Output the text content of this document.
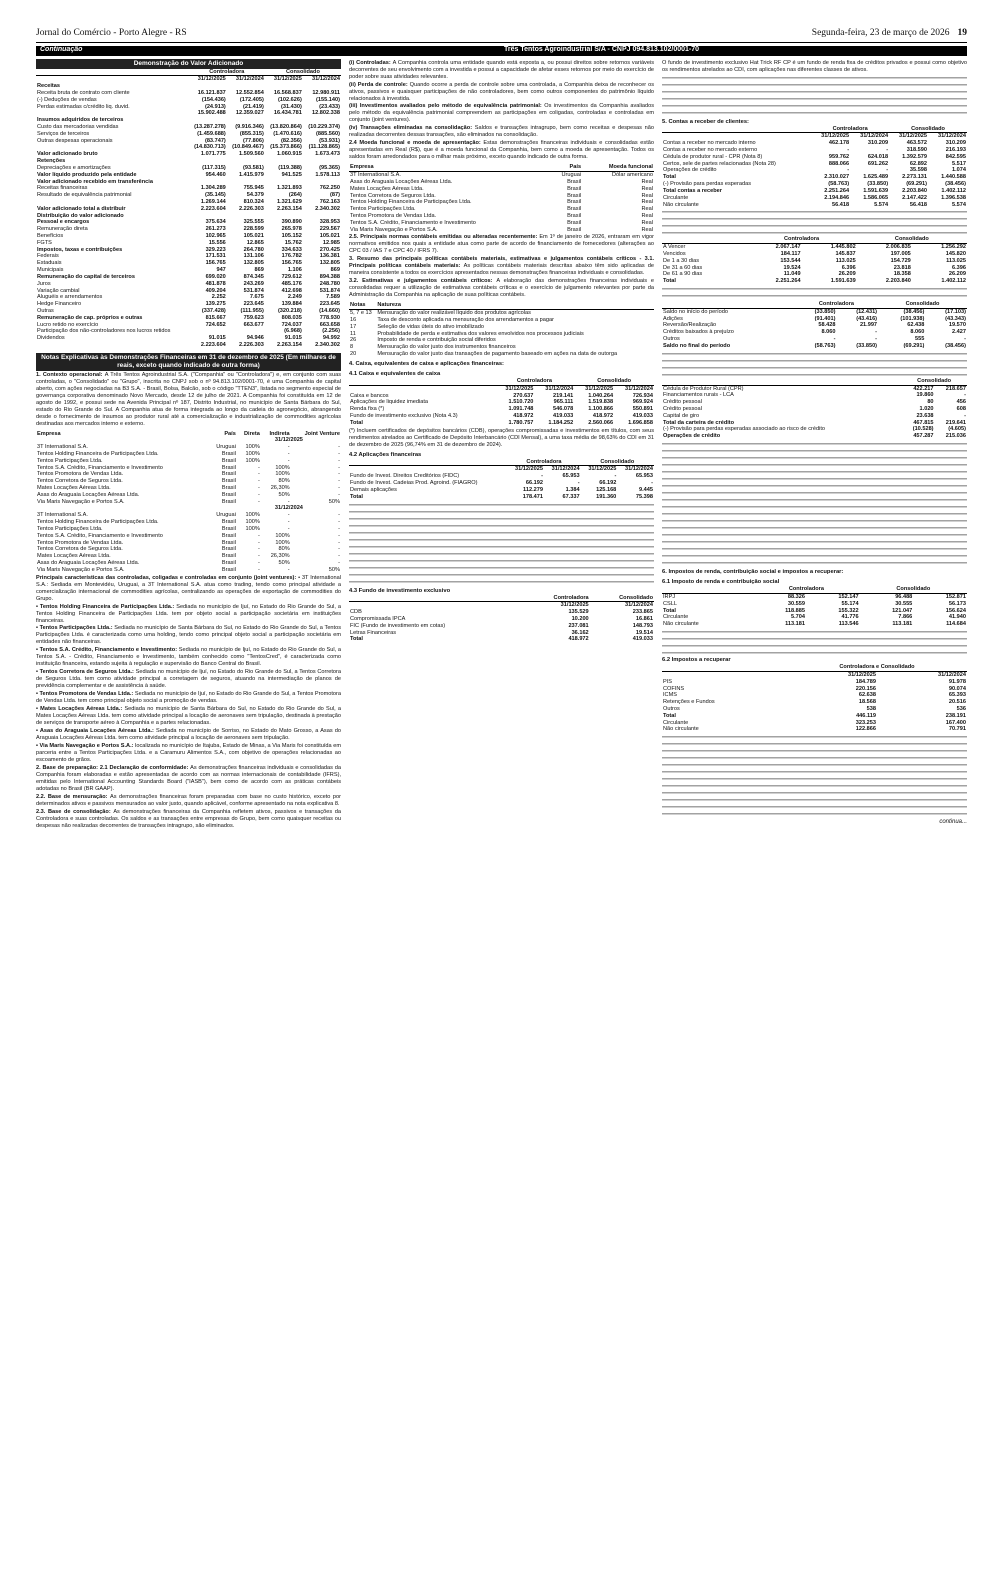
Jornal do Comércio - Porto Alegre - RS	Segunda-feira, 23 de março de 2026 19
Continuação	Três Tentos Agroindustrial S/A - CNPJ 094.813.102/0001-70
Demonstração do Valor Adicionado
	Controladora		Consolidado	
	31/12/2025	31/12/2024	31/12/2025	31/12/2024
Receitas				
Receita bruta de contrato com cliente	16.121.837	12.552.854	16.568.837	12.980.911
(-) Deduções de vendas	(154.436)	(172.405)	(102.626)	(155.140)
Perdas estimadas c/crédito liq. duvid.	(24.913)	(21.419)	(31.430)	(23.433)
	15.902.488	12.359.027	16.434.781	12.802.338
Insumos adquiridos de terceiros				
Custo das mercadorias vendidas	(13.287.278)	(9.916.346)	(13.820.864)	(10.229.374)
Serviços de terceiros	(1.459.688)	(855.315)	(1.470.616)	(885.560)
Outras despesas operacionais	(83.747)	(77.806)	(82.356)	(53.931)
	(14.830.713)	(10.849.467)	(15.373.866)	(11.128.865)
Valor adicionado bruto	1.071.775	1.509.560	1.060.915	1.673.473
Retenções				
Depreciações e amortizações	(117.315)	(93.581)	(119.388)	(95.365)
Valor líquido produzido pela entidade	954.460	1.415.979	941.525	1.578.113
Valor adicionado recebido em transferência				
Receitas financeiras	1.304.289	755.945	1.321.893	762.250
Resultado de equivalência patrimonial	(35.145)	54.379	(264)	(87)
	1.269.144	810.324	1.321.629	762.163
Valor adicionado total a distribuir	2.223.604	2.226.303	2.263.154	2.340.302
Distribuição do valor adicionado				
Pessoal e encargos	375.634	325.555	390.890	328.953
Remuneração direta	261.273	228.599	265.978	229.567
Benefícios	102.965	105.021	105.152	105.021
FGTS	15.556	12.865	15.762	12.985
Impostos, taxas e contribuições	329.223	264.780	334.633	270.425
Federais	171.531	131.106	176.782	136.381
Estaduais	156.765	132.805	156.765	132.805
Municipais	947	869	1.106	869
Remuneração do capital de terceiros	699.020	874.345	729.612	894.388
Juros	481.878	243.269	485.176	248.780
Variação cambial	409.204	531.874	412.698	531.874
Aluguéis e arrendamentos	2.252	7.675	2.249	7.589
Hedge Financeiro	139.275	223.645	139.884	223.645
Outras	(337.428)	(111.955)	(320.218)	(14.660)
Remuneração de cap. próprios e outras	815.667	759.623	808.035	778.930
Lucro retido no exercício	724.652	663.677	724.037	663.658
Participação dos não-controladores nos lucros retidos			(6.968)	(2.256)
Dividendos	91.015	94.946	91.015	94.992
	2.223.604	2.226.303	2.263.154	2.340.302
Notas Explicativas às Demonstrações Financeiras em 31 de dezembro de 2025 (Em milhares de reais, exceto quando indicado de outra forma)
1. Contexto operacional: A Três Tentos Agroindustrial S.A. ("Companhia" ou "Controladora") e, em conjunto com suas controladas, o "Consolidado" ou "Grupo", inscrita no CNPJ sob o nº 94.813.102/0001-70, é uma Companhia de capital aberto, com ações negociadas na B3 S.A. - Brasil, Bolsa, Balcão, sob o código "TTEN3", listada no segmento especial de governança corporativa denominado Novo Mercado, desde 12 de julho de 2021. A Companhia foi constituída em 12 de agosto de 1992, e possui sede na Avenida Principal nº 187, Distrito Industrial, no município de Santa Bárbara do Sul, estado do Rio Grande do Sul. A Companhia atua de forma integrada ao longo da cadeia do agronegócio, abrangendo desde o fornecimento de insumos ao produtor rural até a comercialização e industrialização de commodities agrícolas destinadas aos mercados interno e externo.
Empresa	País	Direta	Indireta	Joint Venture
		31/12/2025		
3T International S.A.	Uruguai	100%	-	-
Tentos Holding Financeira de Participações Ltda.	Brasil	100%	-	-
Tentos Participações Ltda.	Brasil	100%	-	-
Tentos S.A. Crédito, Financiamento e Investimento	Brasil	-	100%	-
Tentos Promotora de Vendas Ltda.	Brasil	-	100%	-
Tentos Corretora de Seguros Ltda.	Brasil	-	80%	-
Mates Locações Aéreas Ltda.	Brasil	-	26,30%	-
Asas do Araguaia Locações Aéreas Ltda.	Brasil	-	50%	-
Via Maris Navegação e Portos S.A.	Brasil	-	-	50%
		31/12/2024		
3T International S.A.	Uruguai	100%	-	-
Tentos Holding Financeira de Participações Ltda.	Brasil	100%	-	-
Tentos Participações Ltda.	Brasil	100%	-	-
Tentos S.A. Crédito, Financiamento e Investimento	Brasil	-	100%	-
Tentos Promotora de Vendas Ltda.	Brasil	-	100%	-
Tentos Corretora de Seguros Ltda.	Brasil	-	80%	-
Mates Locações Aéreas Ltda.	Brasil	-	26,30%	-
Asas do Araguaia Locações Aéreas Ltda.	Brasil	-	50%	-
Via Maris Navegação e Portos S.A.	Brasil	-	-	50%
Principais características das controladas, coligadas e controladas em conjunto (joint ventures): • 3T International S.A.: Sediada em Montevidéu, Uruguai, a 3T International S.A. atua como trading, tendo como principal atividade a comercialização internacional de commodities agrícolas, centralizando as operações de exportação de commodities do Grupo.
• Tentos Holding Financeira de Participações Ltda.: Sediada no município de Ijuí, no Estado do Rio Grande do Sul, a Tentos Holding Financeira de Participações Ltda. tem por objeto social a participação societária em instituições financeiras.
• Tentos Participações Ltda.: Sediada no município de Santa Bárbara do Sul, no Estado do Rio Grande do Sul, a Tentos Participações Ltda. é caracterizada como uma holding, tendo como principal objeto social a participação societária em entidades não financeiras.
• Tentos S.A. Crédito, Financiamento e Investimento: Sediada no município de Ijuí, no Estado do Rio Grande do Sul, a Tentos S.A. - Crédito, Financiamento e Investimento, também conhecido como "TentosCred", é caracterizada como instituição financeira, estando sujeita à regulação e supervisão do Banco Central do Brasil.
• Tentos Corretora de Seguros Ltda.: Sediada no município de Ijuí, no Estado do Rio Grande do Sul, a Tentos Corretora de Seguros Ltda. tem como atividade principal a corretagem de seguros, atuando na intermediação de planos de previdência complementar e de assistência à saúde.
• Tentos Promotora de Vendas Ltda.: Sediada no município de Ijuí, no Estado do Rio Grande do Sul, a Tentos Promotora de Vendas Ltda. tem como principal objeto social a promoção de vendas.
• Mates Locações Aéreas Ltda.: Sediada no município de Santa Bárbara do Sul, no Estado do Rio Grande do Sul, a Mates Locações Aéreas Ltda. tem como atividade principal a locação de aeronaves sem tripulação, destinada à prestação de serviços de transporte aéreo à Companhia e a partes relacionadas.
• Asas do Araguaia Locações Aéreas Ltda.: Sediada no município de Sorriso, no Estado do Mato Grosso, a Asas do Araguaia Locações Aéreas Ltda. tem como atividade principal a locação de aeronaves sem tripulação.
• Via Maris Navegação e Portos S.A.: localizada no município de Itajuba, Estado de Minas, a Via Maris foi constituída em parceria entre a Tentos Participações Ltda. e a Caramuru Alimentos S.A., com objetivo de operações relacionadas ao escoamento de grãos.
2. Base de preparação: 2.1 Declaração de conformidade: As demonstrações financeiras individuais e consolidadas da Companhia foram elaboradas e estão apresentadas de acordo com as normas internacionais de contabilidade (IFRS), emitidas pelo International Accounting Standards Board ("IASB"), bem como de acordo com as práticas contábeis adotadas no Brasil (BR GAAP).
2.2. Base de mensuração: As demonstrações financeiras foram preparadas com base no custo histórico, exceto por determinados ativos e passivos mensurados ao valor justo, quando aplicável, conforme apresentado na nota explicativa 8.
2.3. Base de consolidação: As demonstrações financeiras da Companhia refletem ativos, passivos e transações da Controladora e suas controladas. Os saldos e as transações entre empresas do Grupo, bem como quaisquer receitas ou despesas não realizadas decorrentes de transações intragrupo, são eliminados.
(i) Controladas: A Companhia controla uma entidade quando está exposta a, ou possui direitos sobre retornos variáveis decorrentes de seu envolvimento com a investida e possui a capacidade de afetar esses retornos por meio do exercício de poder sobre suas atividades relevantes.
(ii) Perda de controle: Quando ocorre a perda de controle sobre uma controlada, a Companhia deixa de reconhecer os ativos, passivos e quaisquer participações de não controladores, bem como outros componentes do patrimônio líquido relacionados à investida.
(iii) Investimentos avaliados pelo método de equivalência patrimonial: Os investimentos da Companhia avaliados pelo método da equivalência patrimonial compreendem as participações em coligadas, controladas e controladas em conjunto (joint ventures).
(iv) Transações eliminadas na consolidação: Saldos e transações intragrupo, bem como receitas e despesas não realizadas decorrentes dessas transações, são eliminados na consolidação.
2.4 Moeda funcional e moeda de apresentação: Estas demonstrações financeiras individuais e consolidadas estão apresentadas em Real (R$), que é a moeda funcional da Companhia, bem como a moeda de apresentação. Todos os saldos foram arredondados para o milhar mais próximo, exceto quando indicado de outra forma.
Empresa	País	Moeda funcional
3T International S.A.	Uruguai	Dólar americano
Asas do Araguaia Locações Aéreas Ltda.	Brasil	Real
Mates Locações Aéreas Ltda.	Brasil	Real
Tentos Corretora de Seguros Ltda.	Brasil	Real
Tentos Holding Financeira de Participações Ltda.	Brasil	Real
Tentos Participações Ltda.	Brasil	Real
Tentos Promotora de Vendas Ltda.	Brasil	Real
Tentos S.A. Crédito, Financiamento e Investimento	Brasil	Real
Via Maris Navegação e Portos S.A.	Brasil	Real
2.5. Principais normas contábeis emitidas ou alteradas recentemente: Em 1º de janeiro de 2026, entraram em vigor normativos emitidos nos quais a entidade atua como parte de acordo de financiamento de fornecedores (alterações ao CPC 03 / IAS 7 e CPC 40 / IFRS 7).
3. Resumo das principais políticas contábeis materiais, estimativas e julgamentos contábeis críticos - 3.1. Principais políticas contábeis materiais: As políticas contábeis materiais descritas abaixo têm sido aplicadas de maneira consistente a todos os exercícios apresentados nessas demonstrações financeiras individuais e consolidadas.
3.2. Estimativas e julgamentos contábeis críticos: A elaboração das demonstrações financeiras individuais e consolidadas requer a utilização de estimativas contábeis críticas e o exercício de julgamento relevantes por parte da Administração da Companhia na aplicação de suas políticas contábeis.
Notas	Natureza
5, 7 e 13	Mensuração do valor realizável líquido dos produtos agrícolas
16	Taxa de desconto aplicada na mensuração dos arrendamentos a pagar
17	Seleção de vidas úteis do ativo imobilizado
11	Probabilidade de perda e estimativa dos valores envolvidos nos processos judiciais
26	Imposto de renda e contribuição social diferidos
8	Mensuração do valor justo dos instrumentos financeiros
20	Mensuração do valor justo das transações de pagamento baseado em ações na data de outorga
4. Caixa, equivalentes de caixa e aplicações financeiras:
4.1 Caixa e equivalentes de caixa
	Controladora		Consolidado	
	31/12/2025	31/12/2024	31/12/2025	31/12/2024
Caixa e bancos	270.637	219.141	1.040.264	726.934
Aplicações de liquidez imediata	1.510.720	965.111	1.519.838	969.924
Renda fixa (*)	1.091.748	546.078	1.100.866	550.891
Fundo de investimento exclusivo (Nota 4.3)	418.972	419.033	418.972	419.033
Total	1.780.757	1.184.252	2.560.066	1.696.858
(*) Incluem certificados de depósitos bancários (CDB), operações compromissadas e investimentos em títulos, com seus rendimentos atrelados ao Certificado de Depósito Interbancário (CDI Mensal), a uma taxa média de 98,63% do CDI em 31 de dezembro de 2025 (96,74% em 31 de dezembro de 2024).
4.2 Aplicações financeiras
	Controladora		Consolidado	
	31/12/2025	31/12/2024	31/12/2025	31/12/2024
Fundo de Invest. Direitos Creditórios (FIDC)	-	65.953	-	65.953
Fundo de Invest. Cadeias Prod. Agroind. (FIAGRO)	66.192	-	66.192	-
Demais aplicações	112.279	1.384	125.168	9.445
Total	178.471	67.337	191.360	75.398
4.3 Fundo de investimento exclusivo
	Controladora	Consolidado
	31/12/2025	31/12/2024
CDB	135.529	233.865
Compromissada IPCA	10.200	16.861
FIC (Fundo de investimento em cotas)	237.081	148.793
Letras Financeiras	36.162	19.514
Total	418.972	419.033
O fundo de investimento exclusivo Hat Trick RF CP é um fundo de renda fixa de créditos privados e possui como objetivo os rendimentos atrelados ao CDI, com aplicações nas diferentes classes de ativos.
5. Contas a receber de clientes:
	Controladora		Consolidado	
	31/12/2025	31/12/2024	31/12/2025	31/12/2024
Contas a receber no mercado interno	462.178	310.209	463.572	310.209
Contas a receber no mercado externo	-	-	318.590	216.193
Cédula de produtor rural - CPR (Nota 8)	959.762	624.018	1.392.579	842.595
Certos, sele de partes relacionadas (Nota 28)	888.066	691.262	62.892	5.517
Operações de crédito	-	-	35.598	1.074
Total	2.310.027	1.625.489	2.273.131	1.440.588
(-) Provisão para perdas esperadas	(58.763)	(33.850)	(69.291)	(38.456)
Total contas a receber	2.251.264	1.591.639	2.203.840	1.402.112
Circulante	2.194.846	1.586.065	2.147.422	1.396.538
Não circulante	56.418	5.574	56.418	5.574
	Controladora		Consolidado	
A Vencer	2.067.147	1.445.802	2.006.835	1.256.292
Vencidos	184.117	145.837	197.005	145.820
De 1 a 30 dias	153.544	113.025	154.729	113.025
De 31 a 60 dias	19.524	6.396	23.818	6.396
De 61 a 90 dias	11.049	26.209	18.358	26.209
Total	2.251.264	1.591.639	2.203.840	1.402.112
	Controladora		Consolidado	
Saldo no início do período	(33.850)	(12.431)	(38.456)	(17.103)
Adições	(91.401)	(43.416)	(101.938)	(43.343)
Reversão/Realização	58.428	21.997	62.438	19.570
Créditos baixados à prejuízo	8.060	-	8.060	2.427
Outros	-	-	555	-
Saldo no final do período	(58.763)	(33.850)	(69.291)	(38.456)
	Consolidado	
Cédula de Produtor Rural (CPR)	422.217	218.657
Financiamentos rurais - LCA	19.860	-
Crédito pessoal	80	456
Crédito pessoal	1.020	608
Capital de giro	23.638	-
Total da carteira de crédito	467.815	219.641
(-) Provisão para perdas esperadas associado ao risco de crédito	(10.528)	(4.605)
Operações de crédito	457.287	215.036
6. Impostos de renda, contribuição social e impostos a recuperar:
6.1 Imposto de renda e contribuição social
	Controladora		Consolidado	
IRPJ	88.326	152.147	96.488	152.871
CSLL	30.559	55.174	30.555	56.173
Total	118.885	155.322	121.047	156.624
Circulante	5.704	41.776	7.866	41.940
Não circulante	113.181	113.546	113.181	114.684
6.2 Impostos a recuperar
	Controladora e Consolidado	
	31/12/2025	31/12/2024
PIS	184.789	91.978
COFINS	220.156	90.074
ICMS	62.638	65.393
Retenções e Fundos	18.568	20.516
Outros	538	536
Total	446.119	238.191
Circulante	323.253	167.400
Não circulante	122.866	70.791
continua...
